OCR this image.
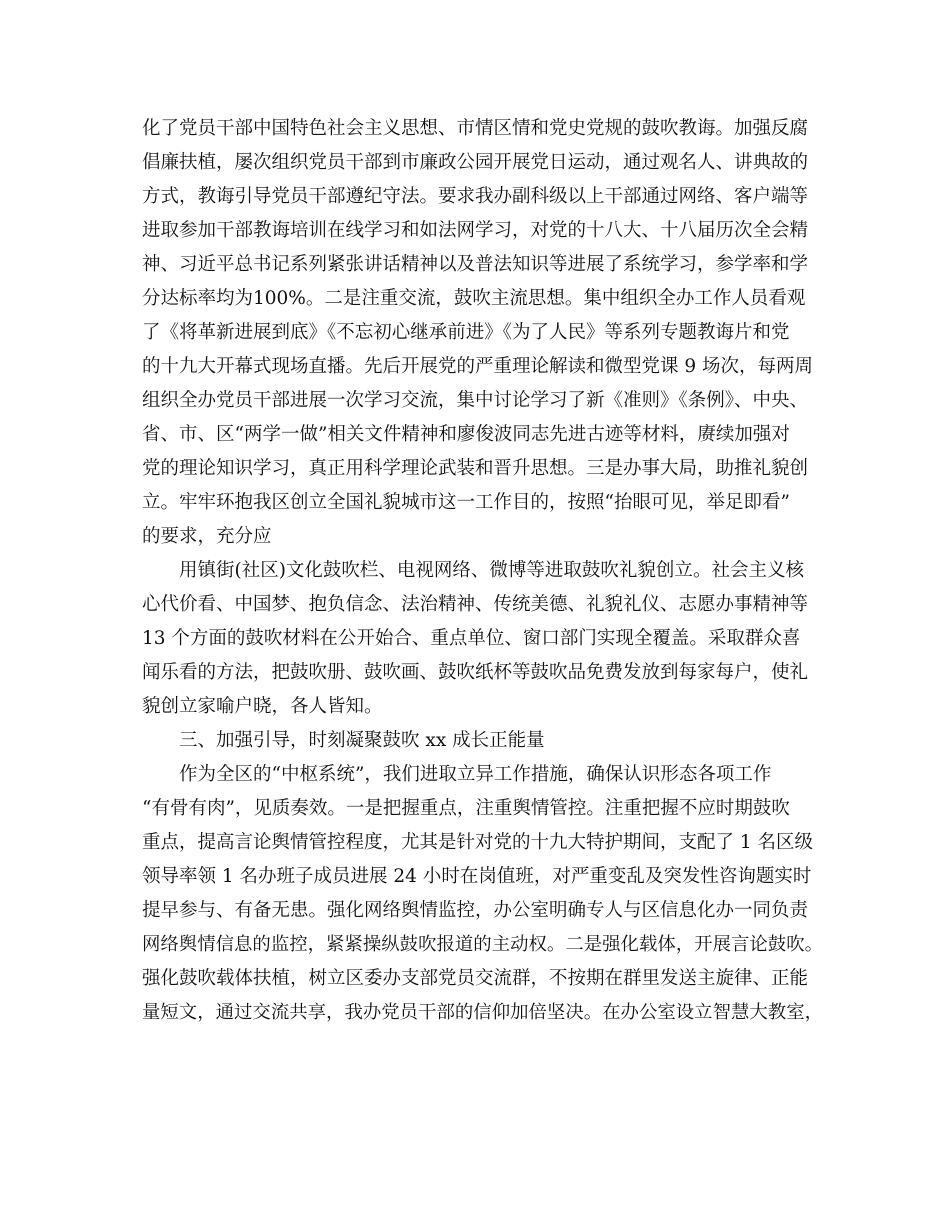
化了党员干部中国特色社会主义思想、市情区情和党史党规的鼓吹教诲。加强反腐
倡廉扶植，屡次组织党员干部到市廉政公园开展党日运动，通过观名人、讲典故的
方式，教诲引导党员干部遵纪守法。要求我办副科级以上干部通过网络、客户端等
进取参加干部教诲培训在线学习和如法网学习，对党的十八大、十八届历次全会精
神、习近平总书记系列紧张讲话精神以及普法知识等进展了系统学习，参学率和学
分达标率均为100%。二是注重交流，鼓吹主流思想。集中组织全办工作人员看观
了《将革新进展到底》《不忘初心继承前进》《为了人民》等系列专题教诲片和党
的十九大开幕式现场直播。先后开展党的严重理论解读和微型党课 9 场次，每两周
组织全办党员干部进展一次学习交流，集中讨论学习了新《准则》《条例》、中央、
省、市、区“两学一做”相关文件精神和廖俊波同志先进古迹等材料，赓续加强对
党的理论知识学习，真正用科学理论武装和晋升思想。三是办事大局，助推礼貌创
立。牢牢环抱我区创立全国礼貌城市这一工作目的，按照“抬眼可见，举足即看”
的要求，充分应
用镇街(社区)文化鼓吹栏、电视网络、微博等进取鼓吹礼貌创立。社会主义核
心代价看、中国梦、抱负信念、法治精神、传统美德、礼貌礼仪、志愿办事精神等
13 个方面的鼓吹材料在公开始合、重点单位、窗口部门实现全覆盖。采取群众喜
闻乐看的方法，把鼓吹册、鼓吹画、鼓吹纸杯等鼓吹品免费发放到每家每户，使礼
貌创立家喻户晓，各人皆知。
三、加强引导，时刻凝聚鼓吹 xx 成长正能量
作为全区的“中枢系统”，我们进取立异工作措施，确保认识形态各项工作
“有骨有肉”，见质奏效。一是把握重点，注重舆情管控。注重把握不应时期鼓吹
重点，提高言论舆情管控程度，尤其是针对党的十九大特护期间，支配了 1 名区级
领导率领 1 名办班子成员进展 24 小时在岗值班，对严重变乱及突发性咨询题实时
提早参与、有备无患。强化网络舆情监控，办公室明确专人与区信息化办一同负责
网络舆情信息的监控，紧紧操纵鼓吹报道的主动权。二是强化载体，开展言论鼓吹。
强化鼓吹载体扶植，树立区委办支部党员交流群，不按期在群里发送主旋律、正能
量短文，通过交流共享，我办党员干部的信仰加倍坚决。在办公室设立智慧大教室，
